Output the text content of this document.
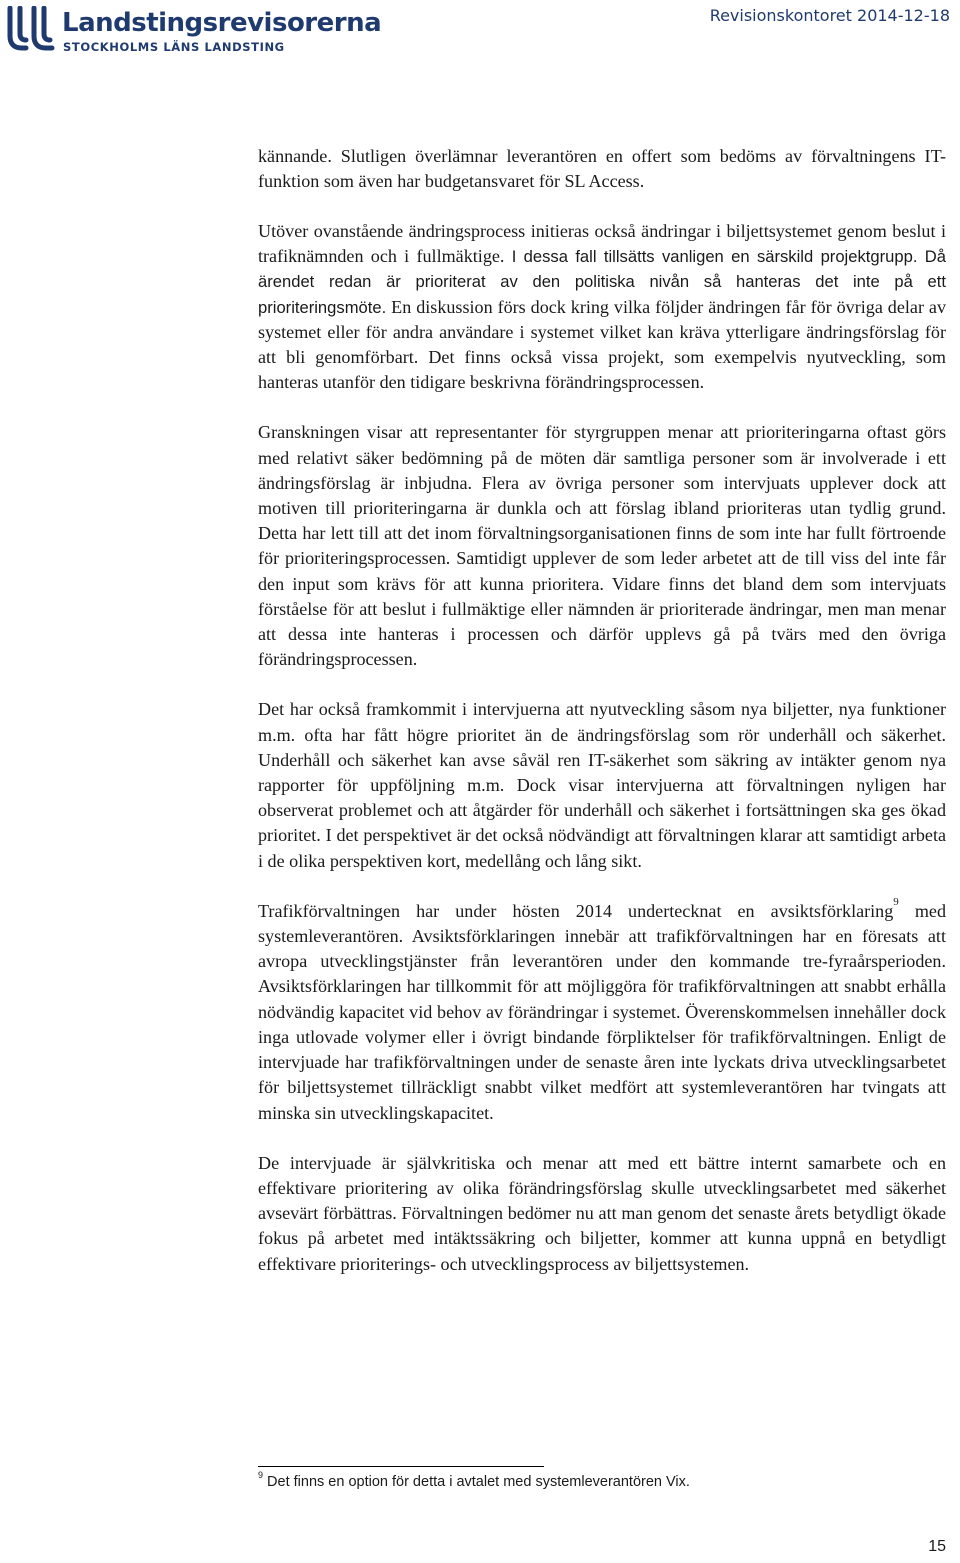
Landstingsrevisorerna
STOCKHOLMS LÄNS LANDSTING
Revisionskontoret 2014-12-18

kännande. Slutligen överlämnar leverantören en offert som bedöms av förvaltningens IT-funktion som även har budgetansvaret för SL Access.

Utöver ovanstående ändringsprocess initieras också ändringar i biljettsystemet genom beslut i trafiknämnden och i fullmäktige. I dessa fall tillsätts vanligen en särskild projektgrupp. Då ärendet redan är prioriterat av den politiska nivån så hanteras det inte på ett prioriteringsmöte. En diskussion förs dock kring vilka följder ändringen får för övriga delar av systemet eller för andra användare i systemet vilket kan kräva ytterligare ändringsförslag för att bli genomförbart. Det finns också vissa projekt, som exempelvis nyutveckling, som hanteras utanför den tidigare beskrivna förändringsprocessen.

Granskningen visar att representanter för styrgruppen menar att prioriteringarna oftast görs med relativt säker bedömning på de möten där samtliga personer som är involverade i ett ändringsförslag är inbjudna. Flera av övriga personer som intervjuats upplever dock att motiven till prioriteringarna är dunkla och att förslag ibland prioriteras utan tydlig grund. Detta har lett till att det inom förvaltningsorganisationen finns de som inte har fullt förtroende för prioriteringsprocessen. Samtidigt upplever de som leder arbetet att de till viss del inte får den input som krävs för att kunna prioritera. Vidare finns det bland dem som intervjuats förståelse för att beslut i fullmäktige eller nämnden är prioriterade ändringar, men man menar att dessa inte hanteras i processen och därför upplevs gå på tvärs med den övriga förändringsprocessen.

Det har också framkommit i intervjuerna att nyutveckling såsom nya biljetter, nya funktioner m.m. ofta har fått högre prioritet än de ändringsförslag som rör underhåll och säkerhet. Underhåll och säkerhet kan avse såväl ren IT-säkerhet som säkring av intäkter genom nya rapporter för uppföljning m.m. Dock visar intervjuerna att förvaltningen nyligen har observerat problemet och att åtgärder för underhåll och säkerhet i fortsättningen ska ges ökad prioritet. I det perspektivet är det också nödvändigt att förvaltningen klarar att samtidigt arbeta i de olika perspektiven kort, medellång och lång sikt.

Trafikförvaltningen har under hösten 2014 undertecknat en avsiktsförklaring$^9$ med systemleverantören. Avsiktsförklaringen innebär att trafikförvaltningen har en föresats att avropa utvecklingstjänster från leverantören under den kommande tre-fyraårsperioden. Avsiktsförklaringen har tillkommit för att möjliggöra för trafikförvaltningen att snabbt erhålla nödvändig kapacitet vid behov av förändringar i systemet. Överenskommelsen innehåller dock inga utlovade volymer eller i övrigt bindande förpliktelser för trafikförvaltningen. Enligt de intervjuade har trafikförvaltningen under de senaste åren inte lyckats driva utvecklingsarbetet för biljettsystemet tillräckligt snabbt vilket medfört att systemleverantören har tvingats att minska sin utvecklingskapacitet.

De intervjuade är självkritiska och menar att med ett bättre internt samarbete och en effektivare prioritering av olika förändringsförslag skulle utvecklingsarbetet med säkerhet avsevärt förbättras. Förvaltningen bedömer nu att man genom det senaste årets betydligt ökade fokus på arbetet med intäktssäkring och biljetter, kommer att kunna uppnå en betydligt effektivare prioriterings- och utvecklingsprocess av biljettsystemen.

$^9$ Det finns en option för detta i avtalet med systemleverantören Vix.
15
